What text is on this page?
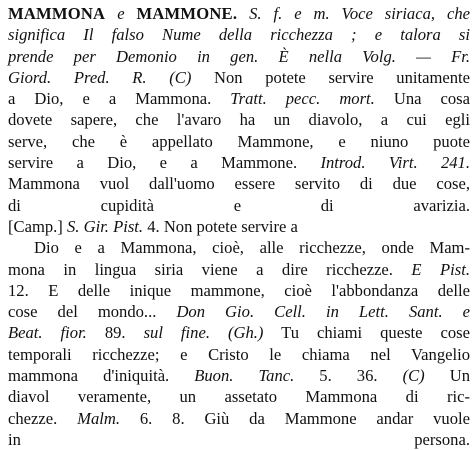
MAMMONA e MAMMONE. S. f. e m. Voce siriaca, che
significa Il falso Nume della ricchezza ; e talora si
prende per Demonio in gen. È nella Volg. — Fr.
Giord. Pred. R. (C) Non potete servire unitamente
a Dio, e a Mammona. Tratt. pecc. mort. Una cosa
dovete sapere, che l'avaro ha un diavolo, a cui egli
serve, che è appellato Mammone, e niuno puote
servire a Dio, e a Mammone. Introd. Virt. 241.
Mammona vuol dall'uomo essere servito di due cose,
di cupidità e di avarizia.
[Camp.] S. Gir. Pist. 4. Non potete servire a
Dio e a Mammona, cioè, alle ricchezze, onde Mam-
mona in lingua siria viene a dire ricchezze. E Pist.
12. E delle inique mammone, cioè l'abbondanza delle
cose del mondo... Don Gio. Cell. in Lett. Sant. e
Beat. fior. 89. sul fine. (Gh.) Tu chiami queste cose
temporali ricchezze; e Cristo le chiama nel Vangelio
mammona d'iniquità. Buon. Tanc. 5. 36. (C) Un
diavol veramente, un assetato Mammona di ric-
chezze. Malm. 6. 8. Giù da Mammone andar vuole
in persona.
